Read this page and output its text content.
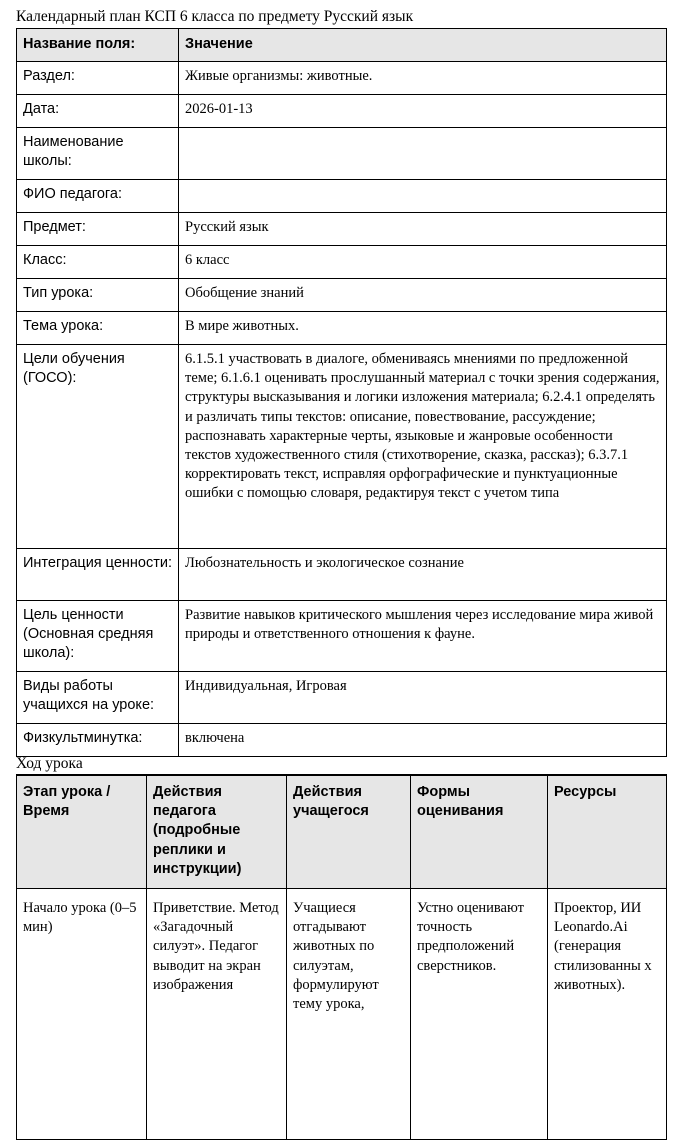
Календарный план КСП 6 класса по предмету Русский язык
Название поля:	Значение
Раздел:	Живые организмы: животные.
Дата:	2026-01-13
Наименование школы:	
ФИО педагога:	
Предмет:	Русский язык
Класс:	6 класс
Тип урока:	Обобщение знаний
Тема урока:	В мире животных.
Цели обучения (ГОСО):	6.1.5.1 участвовать в диалоге, обмениваясь мнениями по предложенной теме; 6.1.6.1 оценивать прослушанный материал с точки зрения содержания, структуры высказывания и логики изложения материала; 6.2.4.1 определять и различать типы текстов: описание, повествование, рассуждение; распознавать характерные черты, языковые и жанровые особенности текстов художественного стиля (стихотворение, сказка, рассказ); 6.3.7.1 корректировать текст, исправляя орфографические и пунктуационные ошибки с помощью словаря, редактируя текст с учетом типа
Интеграция ценности:	Любознательность и экологическое сознание
Цель ценности (Основная средняя школа):	Развитие навыков критического мышления через исследование мира живой природы и ответственного отношения к фауне.
Виды работы учащихся на уроке:	Индивидуальная, Игровая
Физкультминутка:	включена
Ход урока
Этап урока / Время	Действия педагога (подробные реплики и инструкции)	Действия учащегося	Формы оценивания	Ресурсы
Начало урока (0–5 мин)	Приветствие. Метод «Загадочный силуэт». Педагог выводит на экран изображения	Учащиеся отгадывают животных по силуэтам, формулируют тему урока,	Устно оценивают точность предположений сверстников.	Проектор, ИИ Leonardo.Ai (генерация стилизованны х животных).
